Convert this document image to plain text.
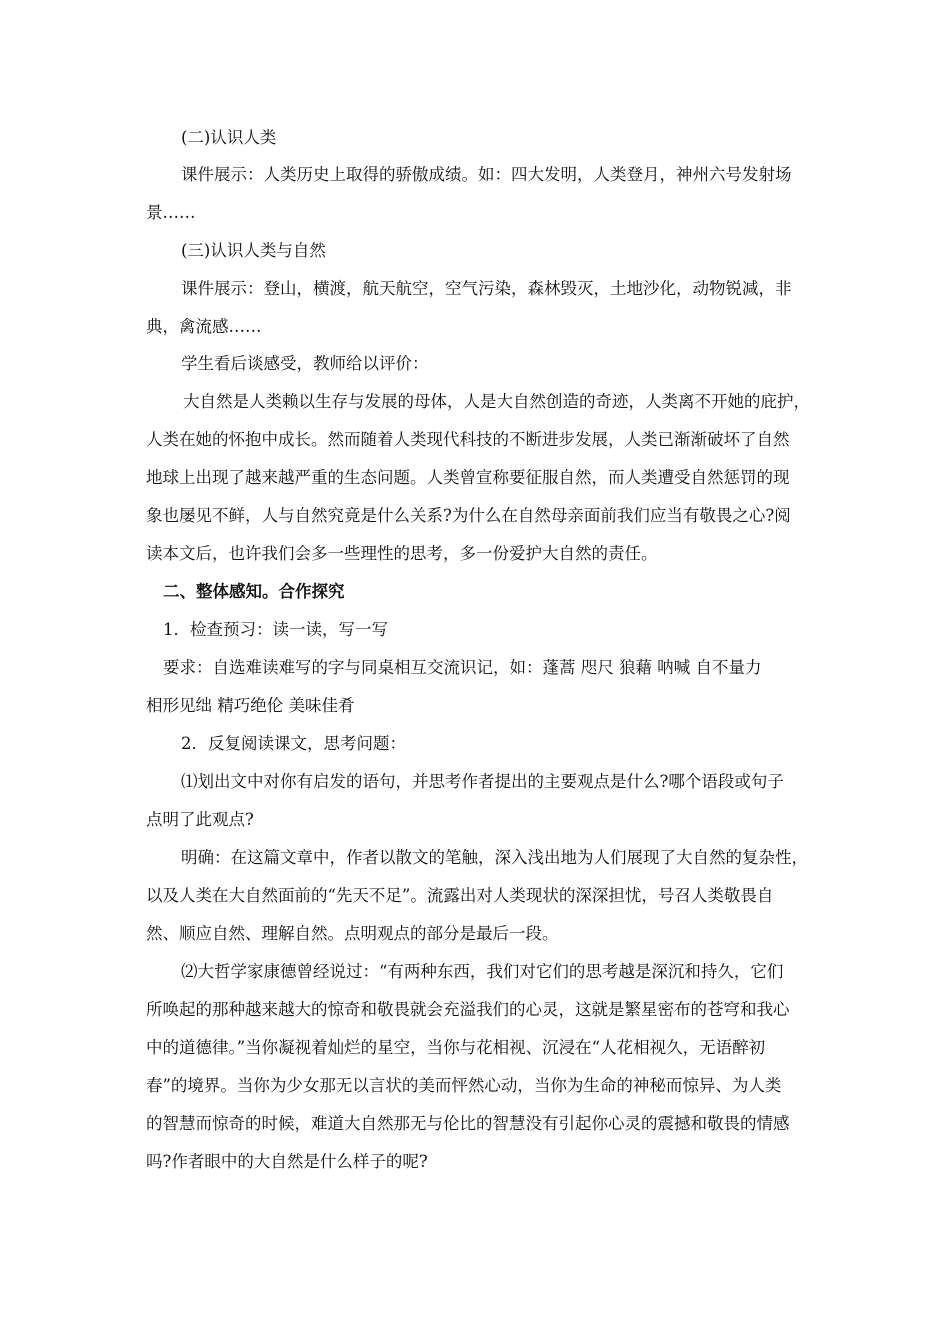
(二)认识人类
课件展示：人类历史上取得的骄傲成绩。如：四大发明，人类登月，神州六号发射场
景……
(三)认识人类与自然
课件展示：登山，横渡，航天航空，空气污染，森林毁灭，土地沙化，动物锐减，非
典，禽流感……
学生看后谈感受，教师给以评价：
大自然是人类赖以生存与发展的母体，人是大自然创造的奇迹，人类离不开她的庇护，
人类在她的怀抱中成长。然而随着人类现代科技的不断进步发展，人类已渐渐破坏了自然
地球上出现了越来越严重的生态问题。人类曾宣称要征服自然，而人类遭受自然惩罚的现
象也屡见不鲜，人与自然究竟是什么关系?为什么在自然母亲面前我们应当有敬畏之心?阅
读本文后，也许我们会多一些理性的思考，多一份爱护大自然的责任。
二、整体感知。合作探究
1．检查预习：读一读，写一写
要求：自选难读难写的字与同桌相互交流识记，如：蓬蒿 咫尺 狼藉 呐喊 自不量力
相形见绌 精巧绝伦 美味佳肴
2．反复阅读课文，思考问题：
⑴划出文中对你有启发的语句，并思考作者提出的主要观点是什么?哪个语段或句子
点明了此观点?
明确：在这篇文章中，作者以散文的笔触，深入浅出地为人们展现了大自然的复杂性，
以及人类在大自然面前的“先天不足”。流露出对人类现状的深深担忧，号召人类敬畏自
然、顺应自然、理解自然。点明观点的部分是最后一段。
⑵大哲学家康德曾经说过：“有两种东西，我们对它们的思考越是深沉和持久，它们
所唤起的那种越来越大的惊奇和敬畏就会充溢我们的心灵，这就是繁星密布的苍穹和我心
中的道德律。”当你凝视着灿烂的星空，当你与花相视、沉浸在“人花相视久，无语醉初
春”的境界。当你为少女那无以言状的美而怦然心动，当你为生命的神秘而惊异、为人类
的智慧而惊奇的时候，难道大自然那无与伦比的智慧没有引起你心灵的震撼和敬畏的情感
吗?作者眼中的大自然是什么样子的呢?
